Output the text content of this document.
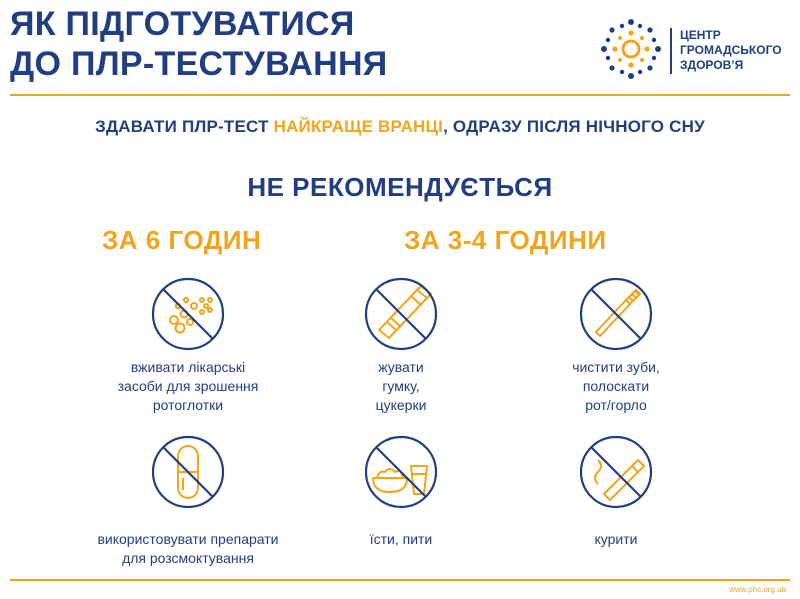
ЯК ПІДГОТУВАТИСЯ
ДО ПЛР-ТЕСТУВАННЯ
ЦЕНТР
ГРОМАДСЬКОГО
ЗДОРОВ’Я
ЗДАВАТИ ПЛР-ТЕСТ НАЙКРАЩЕ ВРАНЦІ, ОДРАЗУ ПІСЛЯ НІЧНОГО СНУ
НЕ РЕКОМЕНДУЄТЬСЯ
ЗА 6 ГОДИН	ЗА 3-4 ГОДИНИ
вживати лікарські
засоби для зрошення
ротоглотки
жувати
гумку,
цукерки
чистити зуби,
полоскати
рот/горло
використовувати препарати
для розсмоктування
їсти, пити	курити
www.phc.org.ua
